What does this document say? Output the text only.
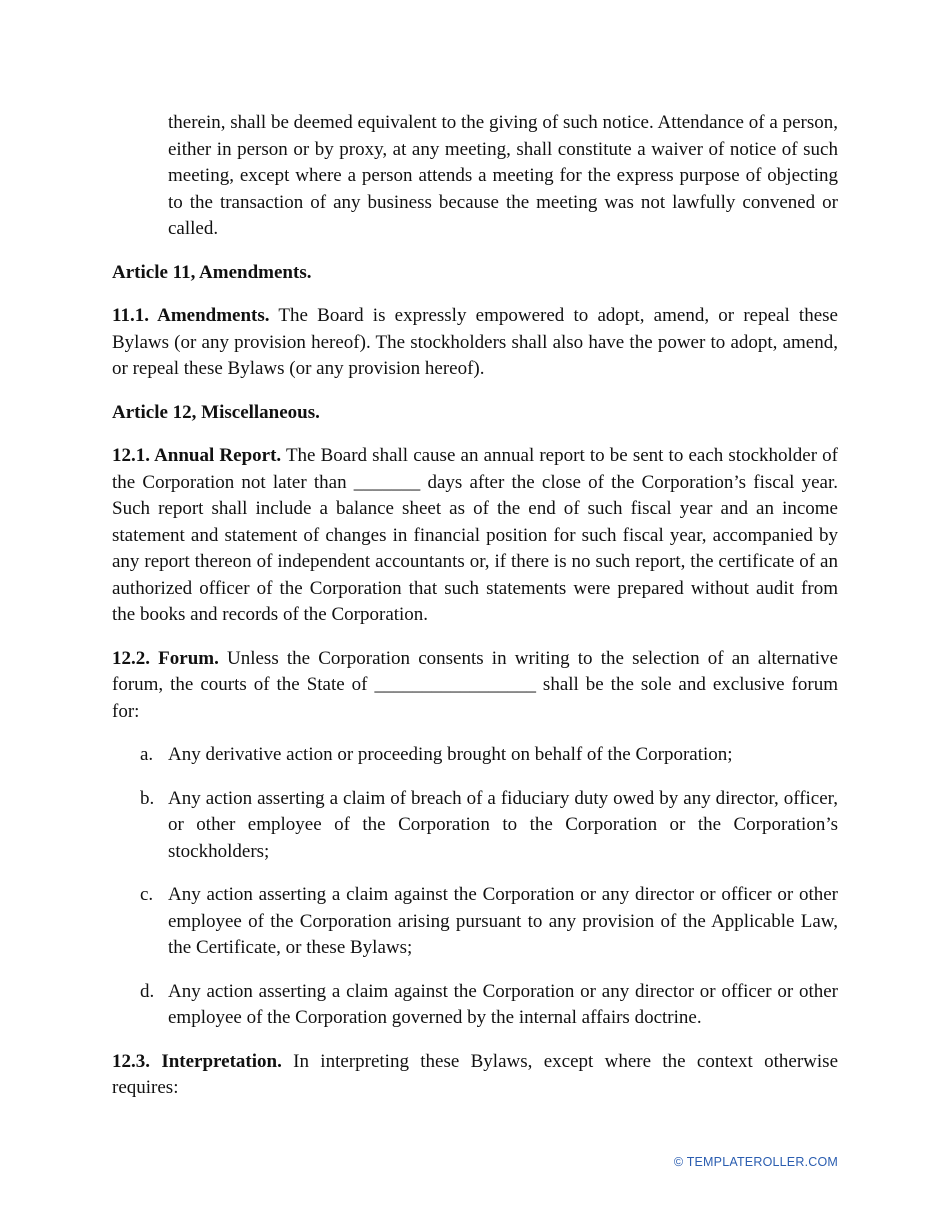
therein, shall be deemed equivalent to the giving of such notice. Attendance of a person, either in person or by proxy, at any meeting, shall constitute a waiver of notice of such meeting, except where a person attends a meeting for the express purpose of objecting to the transaction of any business because the meeting was not lawfully convened or called.

Article 11, Amendments.

11.1. Amendments. The Board is expressly empowered to adopt, amend, or repeal these Bylaws (or any provision hereof). The stockholders shall also have the power to adopt, amend, or repeal these Bylaws (or any provision hereof).

Article 12, Miscellaneous.

12.1. Annual Report. The Board shall cause an annual report to be sent to each stockholder of the Corporation not later than _______ days after the close of the Corporation’s fiscal year. Such report shall include a balance sheet as of the end of such fiscal year and an income statement and statement of changes in financial position for such fiscal year, accompanied by any report thereon of independent accountants or, if there is no such report, the certificate of an authorized officer of the Corporation that such statements were prepared without audit from the books and records of the Corporation.

12.2. Forum. Unless the Corporation consents in writing to the selection of an alternative forum, the courts of the State of _________________ shall be the sole and exclusive forum for:

a. Any derivative action or proceeding brought on behalf of the Corporation;
b. Any action asserting a claim of breach of a fiduciary duty owed by any director, officer, or other employee of the Corporation to the Corporation or the Corporation’s stockholders;
c. Any action asserting a claim against the Corporation or any director or officer or other employee of the Corporation arising pursuant to any provision of the Applicable Law, the Certificate, or these Bylaws;
d. Any action asserting a claim against the Corporation or any director or officer or other employee of the Corporation governed by the internal affairs doctrine.

12.3. Interpretation. In interpreting these Bylaws, except where the context otherwise requires:

© TEMPLATEROLLER.COM
